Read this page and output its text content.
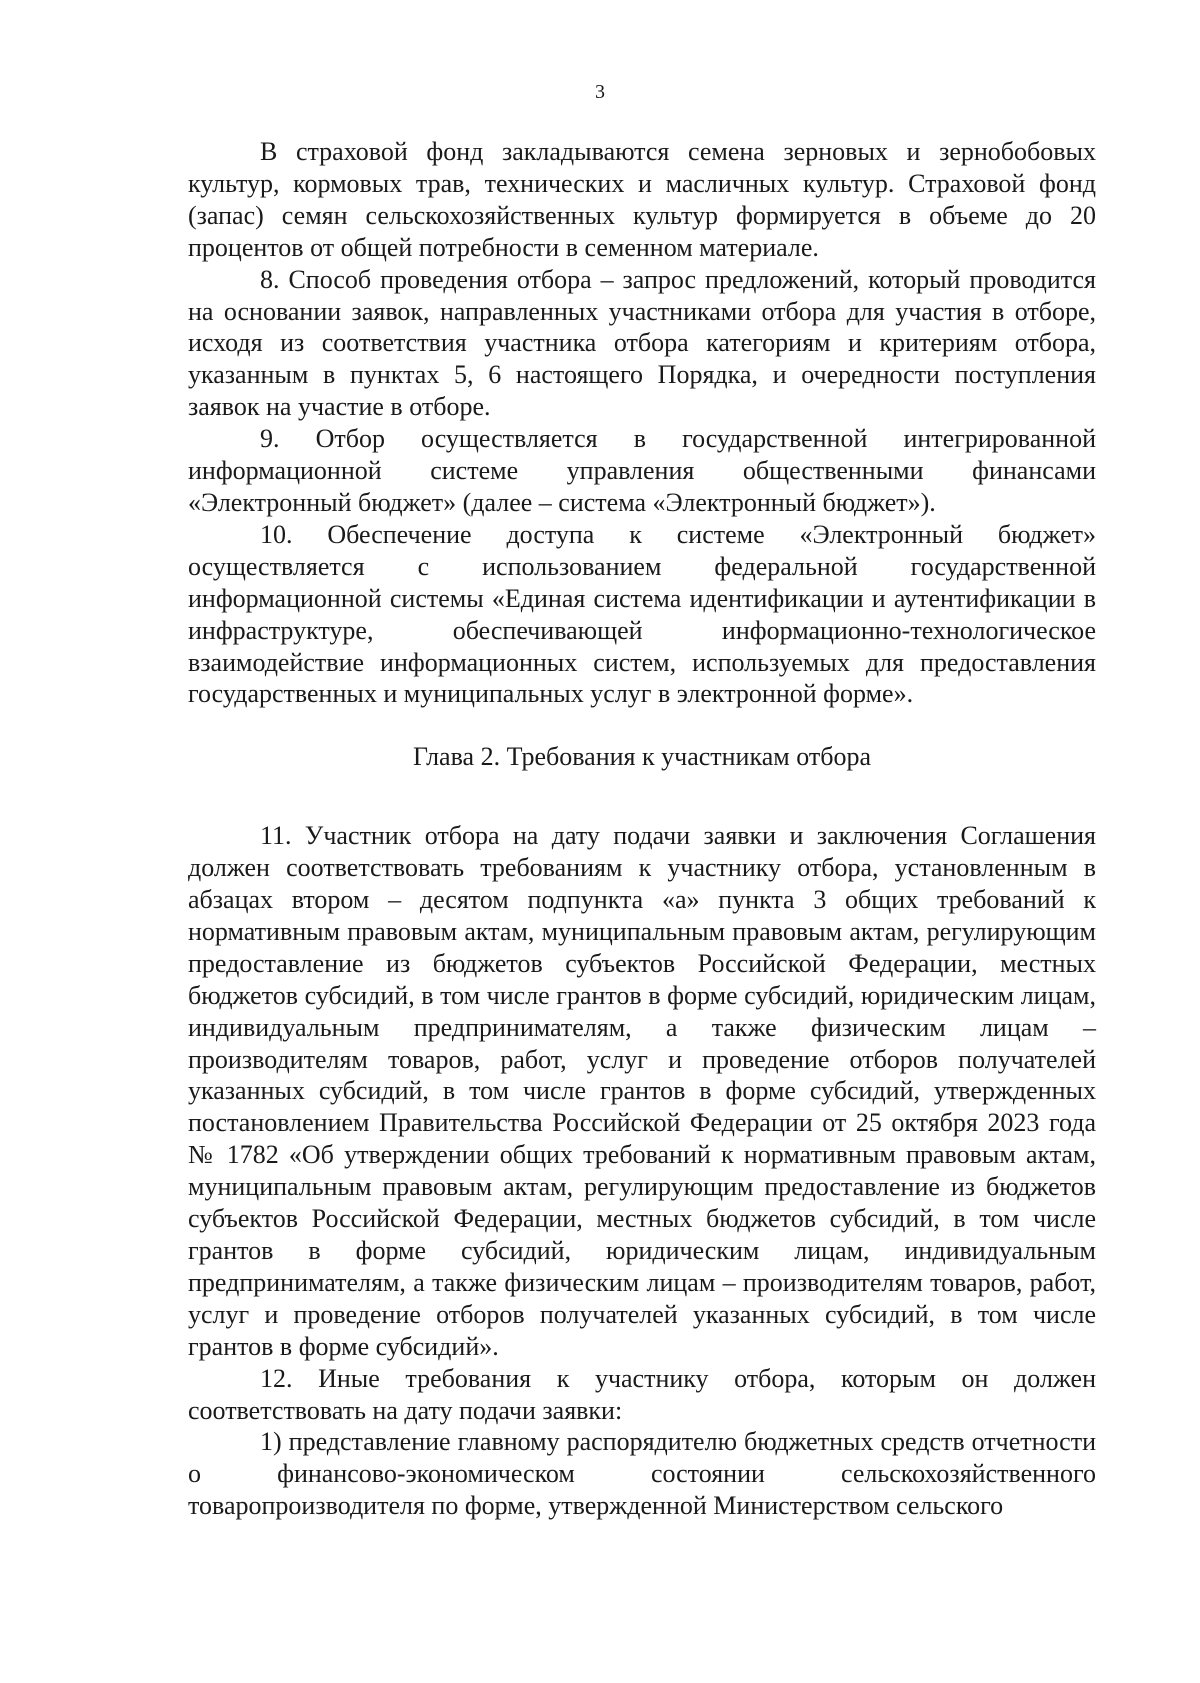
3

В страховой фонд закладываются семена зерновых и зернобобовых культур, кормовых трав, технических и масличных культур. Страховой фонд (запас) семян сельскохозяйственных культур формируется в объеме до 20 процентов от общей потребности в семенном материале.

8. Способ проведения отбора – запрос предложений, который проводится на основании заявок, направленных участниками отбора для участия в отборе, исходя из соответствия участника отбора категориям и критериям отбора, указанным в пунктах 5, 6 настоящего Порядка, и очередности поступления заявок на участие в отборе.

9. Отбор осуществляется в государственной интегрированной информационной системе управления общественными финансами «Электронный бюджет» (далее – система «Электронный бюджет»).

10. Обеспечение доступа к системе «Электронный бюджет» осуществляется с использованием федеральной государственной информационной системы «Единая система идентификации и аутентификации в инфраструктуре, обеспечивающей информационно-технологическое взаимодействие информационных систем, используемых для предоставления государственных и муниципальных услуг в электронной форме».

Глава 2. Требования к участникам отбора

11. Участник отбора на дату подачи заявки и заключения Соглашения должен соответствовать требованиям к участнику отбора, установленным в абзацах втором – десятом подпункта «а» пункта 3 общих требований к нормативным правовым актам, муниципальным правовым актам, регулирующим предоставление из бюджетов субъектов Российской Федерации, местных бюджетов субсидий, в том числе грантов в форме субсидий, юридическим лицам, индивидуальным предпринимателям, а также физическим лицам – производителям товаров, работ, услуг и проведение отборов получателей указанных субсидий, в том числе грантов в форме субсидий, утвержденных постановлением Правительства Российской Федерации от 25 октября 2023 года № 1782 «Об утверждении общих требований к нормативным правовым актам, муниципальным правовым актам, регулирующим предоставление из бюджетов субъектов Российской Федерации, местных бюджетов субсидий, в том числе грантов в форме субсидий, юридическим лицам, индивидуальным предпринимателям, а также физическим лицам – производителям товаров, работ, услуг и проведение отборов получателей указанных субсидий, в том числе грантов в форме субсидий».

12. Иные требования к участнику отбора, которым он должен соответствовать на дату подачи заявки:

1) представление главному распорядителю бюджетных средств отчетности о финансово-экономическом состоянии сельскохозяйственного товаропроизводителя по форме, утвержденной Министерством сельского
